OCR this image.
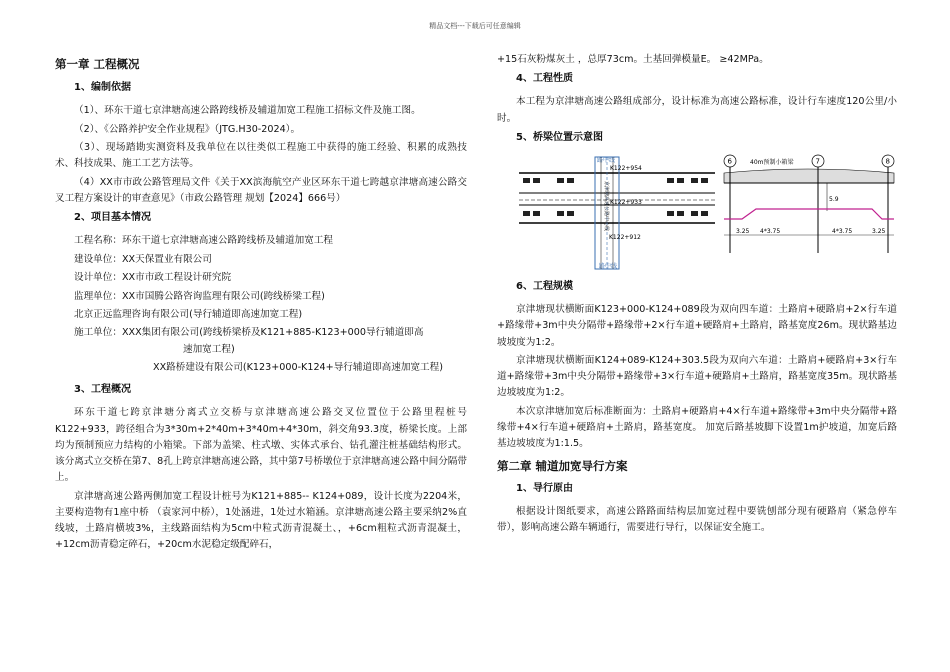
精品文档---下载后可任意编辑
第一章 工程概况
1、编制依据

（1）、环东干道七京津塘高速公路跨线桥及辅道加宽工程施工招标文件及施工图。

（2）、《公路养护安全作业规程》（JTG.H30-2024）。

（3）、现场踏勘实测资料及我单位在以往类似工程施工中获得的施工经验、积累的成熟技术、科技成果、施工工艺方法等。

（4）XX市市政公路管理局文件《关于XX滨海航空产业区环东干道七跨越京津塘高速公路交叉工程方案设计的审查意见》（市政公路管理 规划【2024】666号）

2、项目基本情况
工程名称：环东干道七京津塘高速公路跨线桥及辅道加宽工程
建设单位：XX天保置业有限公司
设计单位：XX市市政工程设计研究院
监理单位：XX市国腾公路咨询监理有限公司(跨线桥梁工程)
北京正远监理咨询有限公司(导行辅道即高速加宽工程)
施工单位：XXX集团有限公司(跨线桥梁桥及K121+885-K123+000导行辅道即高
速加宽工程)
XX路桥建设有限公司(K123+000-K124+导行辅道即高速加宽工程)
3、工程概况

环东干道七跨京津塘分离式立交桥与京津塘高速公路交叉位置位于公路里程桩号K122+933，跨径组合为3*30m+2*40m+3*40m+4*30m，斜交角93.3度，桥梁长度。上部均为预制预应力结构的小箱梁。下部为盖梁、柱式墩、实体式承台、钻孔灌注桩基础结构形式。该分离式立交桥在第7、8孔上跨京津塘高速公路，其中第7号桥墩位于京津塘高速公路中间分隔带上。

京津塘高速公路两侧加宽工程设计桩号为K121+885-- K124+089，设计长度为2204米，主要构造物有1座中桥 （袁家河中桥），1处涵进，1处过水箱涵。京津塘高速公路主要采纳2%直线坡，土路肩横坡3%，主线路面结构为5cm中粒式沥青混凝土、，+6cm粗粒式沥青混凝土，+12cm沥青稳定碎石，+20cm水泥稳定级配碎石，

+15石灰粉煤灰土 ，总厚73cm。土基回弹模量E。 ≥42MPa。

4、工程性质

本工程为京津塘高速公路组成部分，设计标准为高速公路标准，设计行车速度120公里/小时。

5、桥梁位置示意图
路中线
K122+954
K122+933
K122+912
路中线
京津塘高速公路中心线
6	7	8
40m预制小箱梁
5.9
3.25 4*3.75	4*3.75	3.25
6、工程规模

京津塘现状横断面K123+000-K124+089段为双向四车道：土路肩+硬路肩+2×行车道+路缘带+3m中央分隔带+路缘带+2×行车道+硬路肩+土路肩，路基宽度26m。现状路基边坡坡度为1:2。

京津塘现状横断面K124+089-K124+303.5段为双向六车道：土路肩+硬路肩+3×行车道+路缘带+3m中央分隔带+路缘带+3×行车道+硬路肩+土路肩，路基宽度35m。现状路基边坡坡度为1:2。

本次京津塘加宽后标准断面为：土路肩+硬路肩+4×行车道+路缘带+3m中央分隔带+路缘带+4×行车道+硬路肩+土路肩，路基宽度。 加宽后路基坡脚下设置1m护坡道，加宽后路基边坡坡度为1:1.5。

第二章 辅道加宽导行方案
1、导行原由

根据设计图纸要求，高速公路路面结构层加宽过程中要铣刨部分现有硬路肩（紧急停车带），影响高速公路车辆通行，需要进行导行，以保证安全施工。
